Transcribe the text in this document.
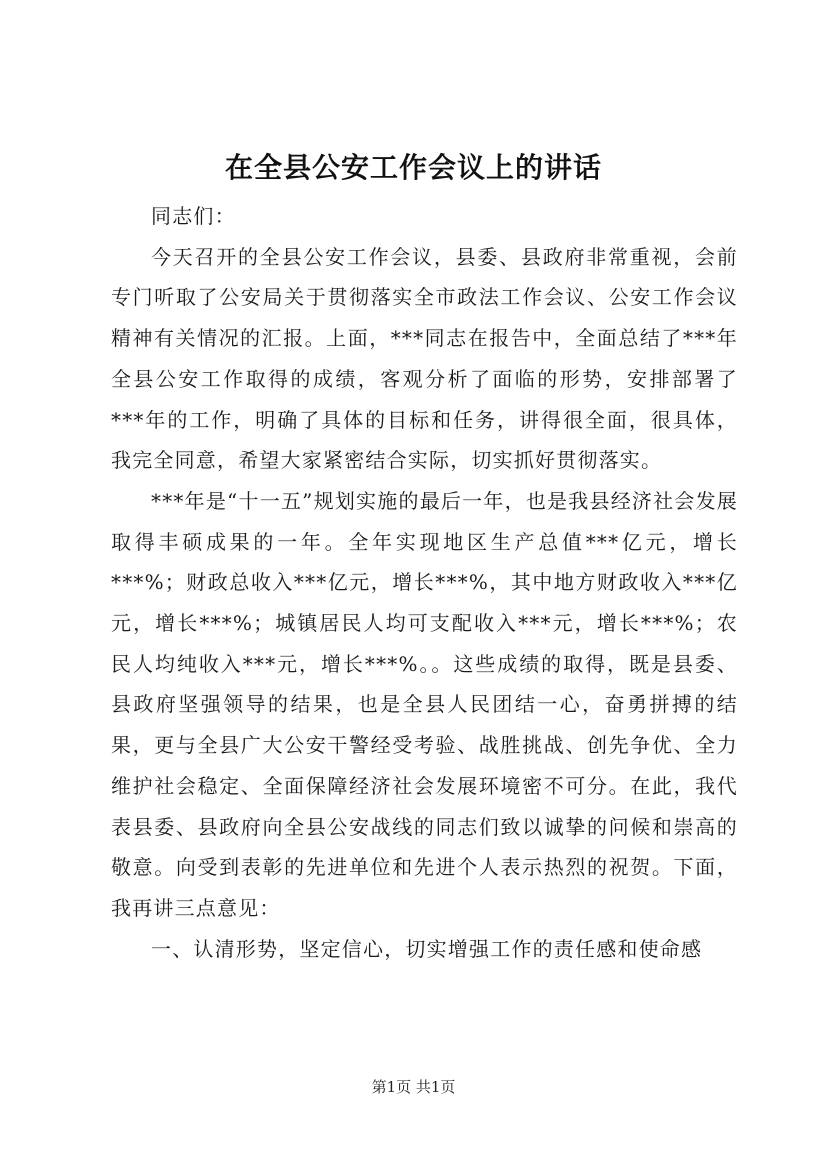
在全县公安工作会议上的讲话

同志们：

今天召开的全县公安工作会议，县委、县政府非常重视，会前专门听取了公安局关于贯彻落实全市政法工作会议、公安工作会议精神有关情况的汇报。上面，***同志在报告中，全面总结了***年全县公安工作取得的成绩，客观分析了面临的形势，安排部署了***年的工作，明确了具体的目标和任务，讲得很全面，很具体，我完全同意，希望大家紧密结合实际，切实抓好贯彻落实。

***年是“十一五”规划实施的最后一年，也是我县经济社会发展取得丰硕成果的一年。全年实现地区生产总值***亿元，增长***%；财政总收入***亿元，增长***%，其中地方财政收入***亿元，增长***%；城镇居民人均可支配收入***元，增长***%；农民人均纯收入***元，增长***%。。这些成绩的取得，既是县委、县政府坚强领导的结果，也是全县人民团结一心，奋勇拼搏的结果，更与全县广大公安干警经受考验、战胜挑战、创先争优、全力维护社会稳定、全面保障经济社会发展环境密不可分。在此，我代表县委、县政府向全县公安战线的同志们致以诚挚的问候和崇高的敬意。向受到表彰的先进单位和先进个人表示热烈的祝贺。下面，我再讲三点意见：

一、认清形势，坚定信心，切实增强工作的责任感和使命感

第1页 共1页
